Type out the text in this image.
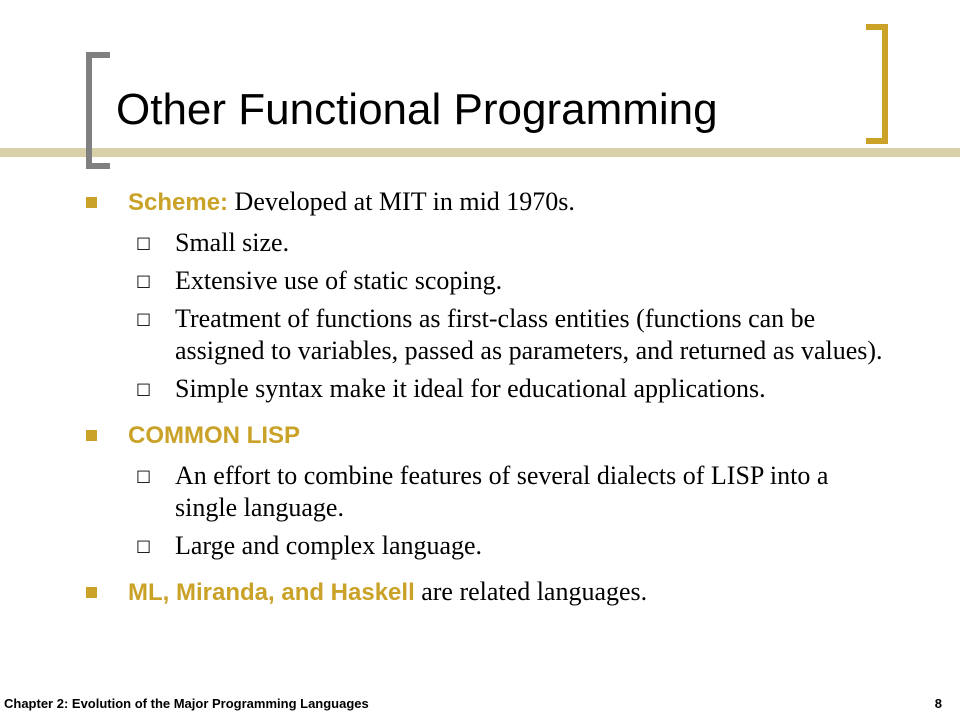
Other Functional Programming
Scheme: Developed at MIT in mid 1970s.
□ Small size.
□ Extensive use of static scoping.
□ Treatment of functions as first-class entities (functions can be assigned to variables, passed as parameters, and returned as values).
□ Simple syntax make it ideal for educational applications.
COMMON LISP
□ An effort to combine features of several dialects of LISP into a single language.
□ Large and complex language.
ML, Miranda, and Haskell are related languages.
Chapter 2: Evolution of the Major Programming Languages	8
